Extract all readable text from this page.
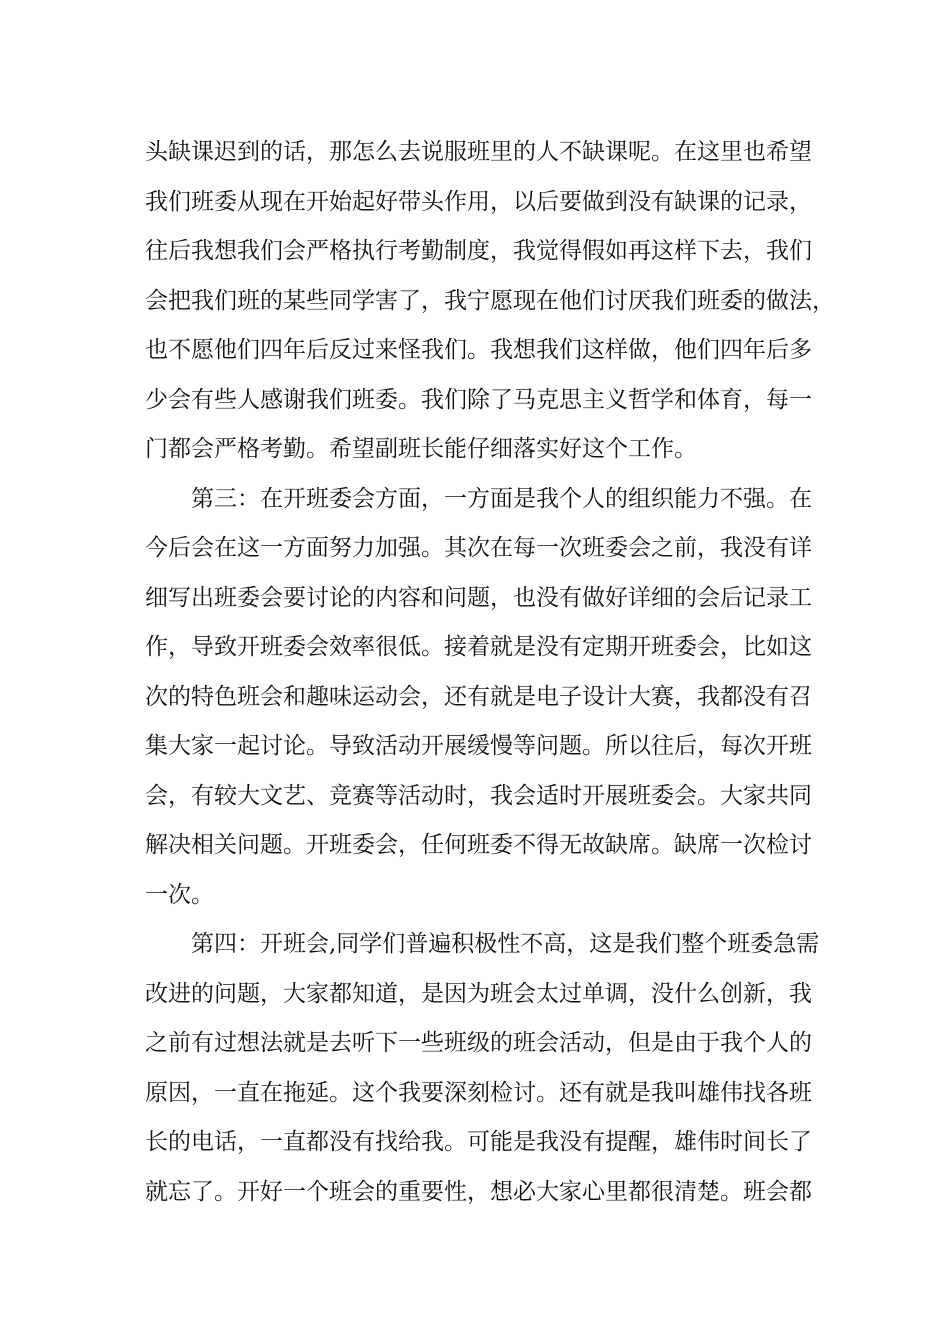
头缺课迟到的话，那怎么去说服班里的人不缺课呢。在这里也希望
我们班委从现在开始起好带头作用，以后要做到没有缺课的记录，
往后我想我们会严格执行考勤制度，我觉得假如再这样下去，我们
会把我们班的某些同学害了，我宁愿现在他们讨厌我们班委的做法，
也不愿他们四年后反过来怪我们。我想我们这样做，他们四年后多
少会有些人感谢我们班委。我们除了马克思主义哲学和体育，每一
门都会严格考勤。希望副班长能仔细落实好这个工作。
　　第三：在开班委会方面，一方面是我个人的组织能力不强。在
今后会在这一方面努力加强。其次在每一次班委会之前，我没有详
细写出班委会要讨论的内容和问题，也没有做好详细的会后记录工
作，导致开班委会效率很低。接着就是没有定期开班委会，比如这
次的特色班会和趣味运动会，还有就是电子设计大赛，我都没有召
集大家一起讨论。导致活动开展缓慢等问题。所以往后，每次开班
会，有较大文艺、竞赛等活动时，我会适时开展班委会。大家共同
解决相关问题。开班委会，任何班委不得无故缺席。缺席一次检讨
一次。
　　第四：开班会,同学们普遍积极性不高，这是我们整个班委急需
改进的问题，大家都知道，是因为班会太过单调，没什么创新，我
之前有过想法就是去听下一些班级的班会活动，但是由于我个人的
原因，一直在拖延。这个我要深刻检讨。还有就是我叫雄伟找各班
长的电话，一直都没有找给我。可能是我没有提醒，雄伟时间长了
就忘了。开好一个班会的重要性，想必大家心里都很清楚。班会都
